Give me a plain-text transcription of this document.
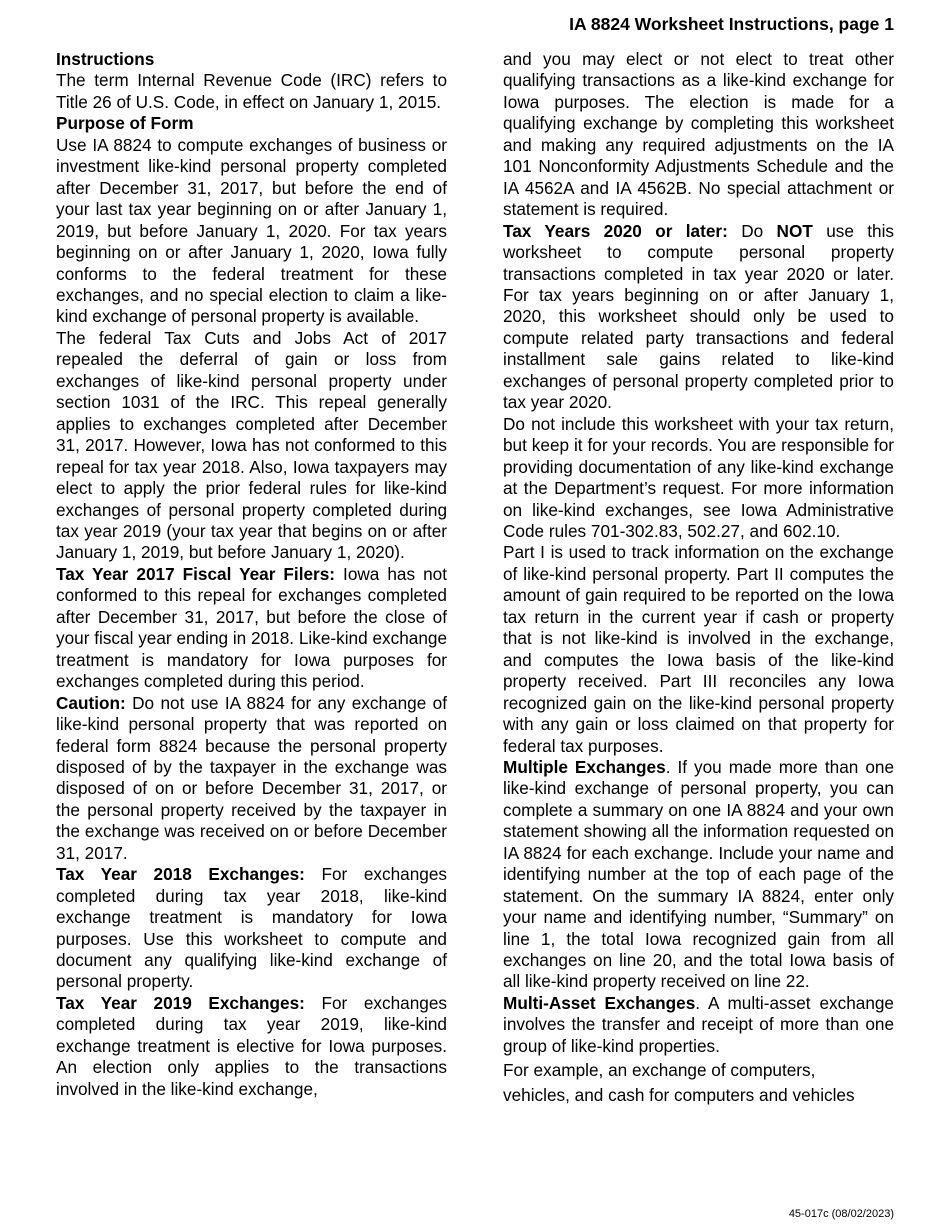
IA 8824 Worksheet Instructions, page 1

Instructions

The term Internal Revenue Code (IRC) refers to Title 26 of U.S. Code, in effect on January 1, 2015.

Purpose of Form

Use IA 8824 to compute exchanges of business or investment like-kind personal property completed after December 31, 2017, but before the end of your last tax year beginning on or after January 1, 2019, but before January 1, 2020. For tax years beginning on or after January 1, 2020, Iowa fully conforms to the federal treatment for these exchanges, and no special election to claim a like-kind exchange of personal property is available.

The federal Tax Cuts and Jobs Act of 2017 repealed the deferral of gain or loss from exchanges of like-kind personal property under section 1031 of the IRC. This repeal generally applies to exchanges completed after December 31, 2017. However, Iowa has not conformed to this repeal for tax year 2018. Also, Iowa taxpayers may elect to apply the prior federal rules for like-kind exchanges of personal property completed during tax year 2019 (your tax year that begins on or after January 1, 2019, but before January 1, 2020).

Tax Year 2017 Fiscal Year Filers: Iowa has not conformed to this repeal for exchanges completed after December 31, 2017, but before the close of your fiscal year ending in 2018. Like-kind exchange treatment is mandatory for Iowa purposes for exchanges completed during this period.

Caution: Do not use IA 8824 for any exchange of like-kind personal property that was reported on federal form 8824 because the personal property disposed of by the taxpayer in the exchange was disposed of on or before December 31, 2017, or the personal property received by the taxpayer in the exchange was received on or before December 31, 2017.

Tax Year 2018 Exchanges: For exchanges completed during tax year 2018, like-kind exchange treatment is mandatory for Iowa purposes. Use this worksheet to compute and document any qualifying like-kind exchange of personal property.

Tax Year 2019 Exchanges: For exchanges completed during tax year 2019, like-kind exchange treatment is elective for Iowa purposes. An election only applies to the transactions involved in the like-kind exchange,

and you may elect or not elect to treat other qualifying transactions as a like-kind exchange for Iowa purposes. The election is made for a qualifying exchange by completing this worksheet and making any required adjustments on the IA 101 Nonconformity Adjustments Schedule and the IA 4562A and IA 4562B. No special attachment or statement is required.

Tax Years 2020 or later: Do NOT use this worksheet to compute personal property transactions completed in tax year 2020 or later. For tax years beginning on or after January 1, 2020, this worksheet should only be used to compute related party transactions and federal installment sale gains related to like-kind exchanges of personal property completed prior to tax year 2020.

Do not include this worksheet with your tax return, but keep it for your records. You are responsible for providing documentation of any like-kind exchange at the Department’s request. For more information on like-kind exchanges, see Iowa Administrative Code rules 701-302.83, 502.27, and 602.10.

Part I is used to track information on the exchange of like-kind personal property. Part II computes the amount of gain required to be reported on the Iowa tax return in the current year if cash or property that is not like-kind is involved in the exchange, and computes the Iowa basis of the like-kind property received. Part III reconciles any Iowa recognized gain on the like-kind personal property with any gain or loss claimed on that property for federal tax purposes.

Multiple Exchanges. If you made more than one like-kind exchange of personal property, you can complete a summary on one IA 8824 and your own statement showing all the information requested on IA 8824 for each exchange. Include your name and identifying number at the top of each page of the statement. On the summary IA 8824, enter only your name and identifying number, “Summary” on line 1, the total Iowa recognized gain from all exchanges on line 20, and the total Iowa basis of all like-kind property received on line 22.

Multi-Asset Exchanges. A multi-asset exchange involves the transfer and receipt of more than one group of like-kind properties.

For example, an exchange of computers,

vehicles, and cash for computers and vehicles

45-017c (08/02/2023)
